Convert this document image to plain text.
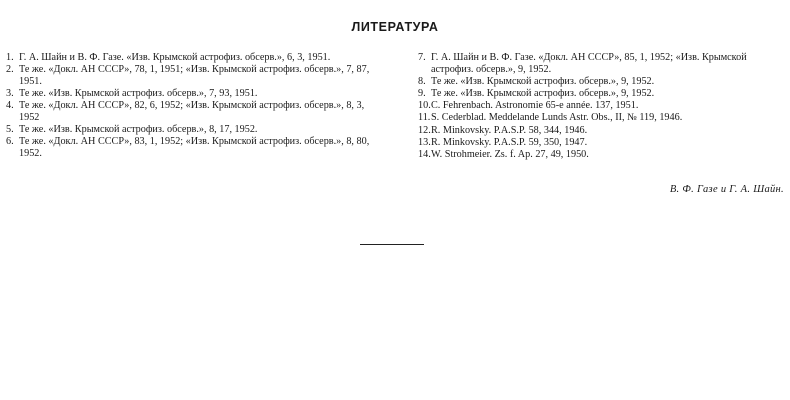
ЛИТЕРАТУРА
1. Г. А. Шайн и В. Ф. Газе. «Изв. Крымской астрофиз. обсерв.», 6, 3, 1951.
2. Те же. «Докл. АН СССР», 78, 1, 1951; «Изв. Крымской астрофиз. обсерв.», 7, 87, 1951.
3. Те же. «Изв. Крымской астрофиз. обсерв.», 7, 93, 1951.
4. Те же. «Докл. АН СССР», 82, 6, 1952; «Изв. Крымской астрофиз. обсерв.», 8, 3, 1952
5. Те же. «Изв. Крымской астрофиз. обсерв.», 8, 17, 1952.
6. Те же. «Докл. АН СССР», 83, 1, 1952; «Изв. Крымской астрофиз. обсерв.», 8, 80, 1952.
7. Г. А. Шайн и В. Ф. Газе. «Докл. АН СССР», 85, 1, 1952; «Изв. Крымской астрофиз. обсерв.», 9, 1952.
8. Те же. «Изв. Крымской астрофиз. обсерв.», 9, 1952.
9. Те же. «Изв. Крымской астрофиз. обсерв.», 9, 1952.
10. C. Fehrenbach. Astronomie 65-e année. 137, 1951.
11. S. Cederblad. Meddelande Lunds Astr. Obs., II, № 119, 1946.
12. R. Minkovsky. P.A.S.P. 58, 344, 1946.
13. R. Minkovsky. P.A.S.P. 59, 350, 1947.
14. W. Strohmeier. Zs. f. Ap. 27, 49, 1950.
В. Ф. Газе и Г. А. Шайн.
